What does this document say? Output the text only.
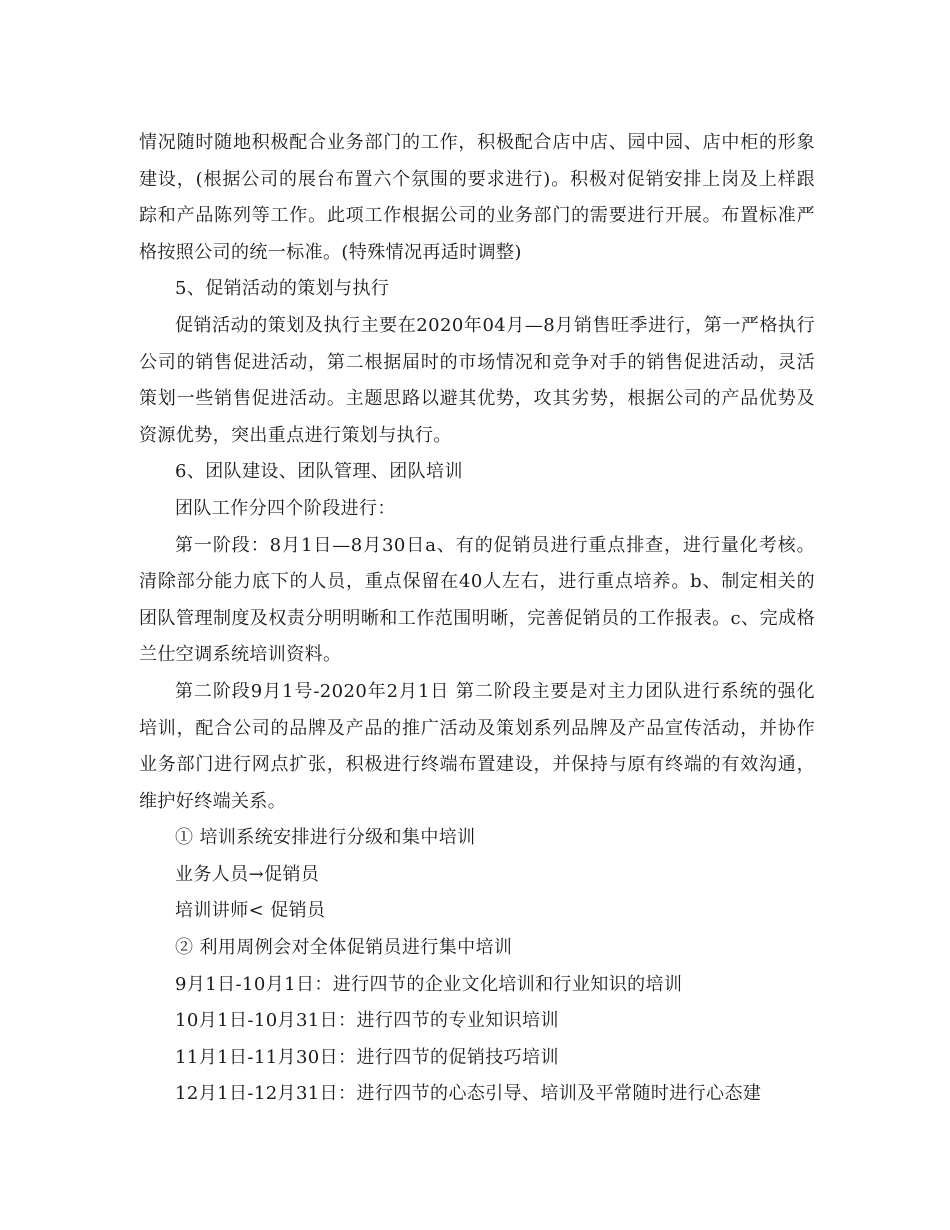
情况随时随地积极配合业务部门的工作，积极配合店中店、园中园、店中柜的形象建设，(根据公司的展台布置六个氛围的要求进行)。积极对促销安排上岗及上样跟踪和产品陈列等工作。此项工作根据公司的业务部门的需要进行开展。布置标准严格按照公司的统一标准。(特殊情况再适时调整)

5、促销活动的策划与执行

促销活动的策划及执行主要在2020年04月—8月销售旺季进行，第一严格执行公司的销售促进活动，第二根据届时的市场情况和竞争对手的销售促进活动，灵活策划一些销售促进活动。主题思路以避其优势，攻其劣势，根据公司的产品优势及资源优势，突出重点进行策划与执行。

6、团队建设、团队管理、团队培训

团队工作分四个阶段进行：

第一阶段：8月1日—8月30日a、有的促销员进行重点排查，进行量化考核。清除部分能力底下的人员，重点保留在40人左右，进行重点培养。b、制定相关的团队管理制度及权责分明明晰和工作范围明晰，完善促销员的工作报表。c、完成格兰仕空调系统培训资料。

第二阶段9月1号-2020年2月1日 第二阶段主要是对主力团队进行系统的强化培训，配合公司的品牌及产品的推广活动及策划系列品牌及产品宣传活动，并协作业务部门进行网点扩张，积极进行终端布置建设，并保持与原有终端的有效沟通，维护好终端关系。

① 培训系统安排进行分级和集中培训

业务人员→促销员

培训讲师< 促销员

② 利用周例会对全体促销员进行集中培训

9月1日-10月1日：进行四节的企业文化培训和行业知识的培训

10月1日-10月31日：进行四节的专业知识培训

11月1日-11月30日：进行四节的促销技巧培训

12月1日-12月31日：进行四节的心态引导、培训及平常随时进行心态建
